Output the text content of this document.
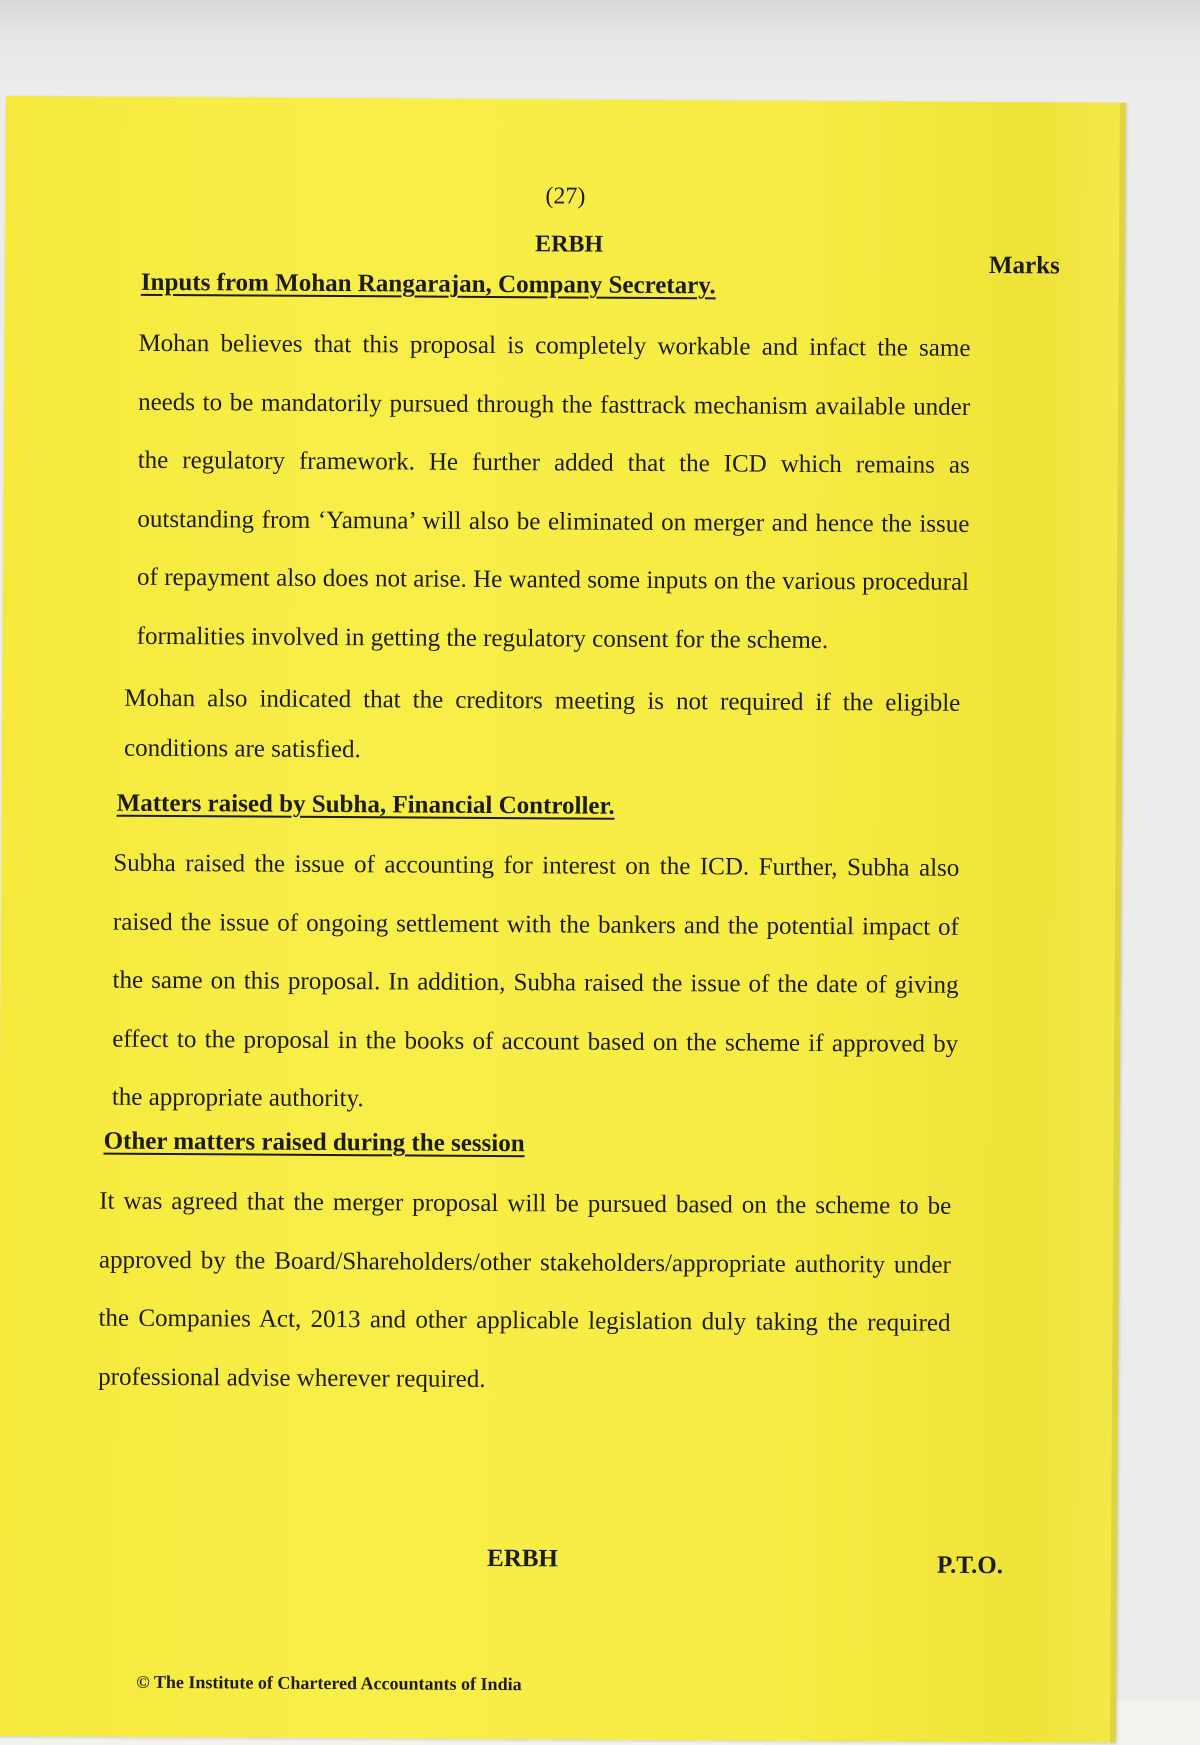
(27)
ERBH
Marks
Inputs from Mohan Rangarajan, Company Secretary.
Mohan believes that this proposal is completely workable and infact the same needs to be mandatorily pursued through the fasttrack mechanism available under the regulatory framework. He further added that the ICD which remains as outstanding from ‘Yamuna’ will also be eliminated on merger and hence the issue of repayment also does not arise. He wanted some inputs on the various procedural formalities involved in getting the regulatory consent for the scheme.
Mohan also indicated that the creditors meeting is not required if the eligible conditions are satisfied.
Matters raised by Subha, Financial Controller.
Subha raised the issue of accounting for interest on the ICD. Further, Subha also raised the issue of ongoing settlement with the bankers and the potential impact of the same on this proposal. In addition, Subha raised the issue of the date of giving effect to the proposal in the books of account based on the scheme if approved by the appropriate authority.
Other matters raised during the session
It was agreed that the merger proposal will be pursued based on the scheme to be approved by the Board/Shareholders/other stakeholders/appropriate authority under the Companies Act, 2013 and other applicable legislation duly taking the required professional advise wherever required.
ERBH	P.T.O.
© The Institute of Chartered Accountants of India
